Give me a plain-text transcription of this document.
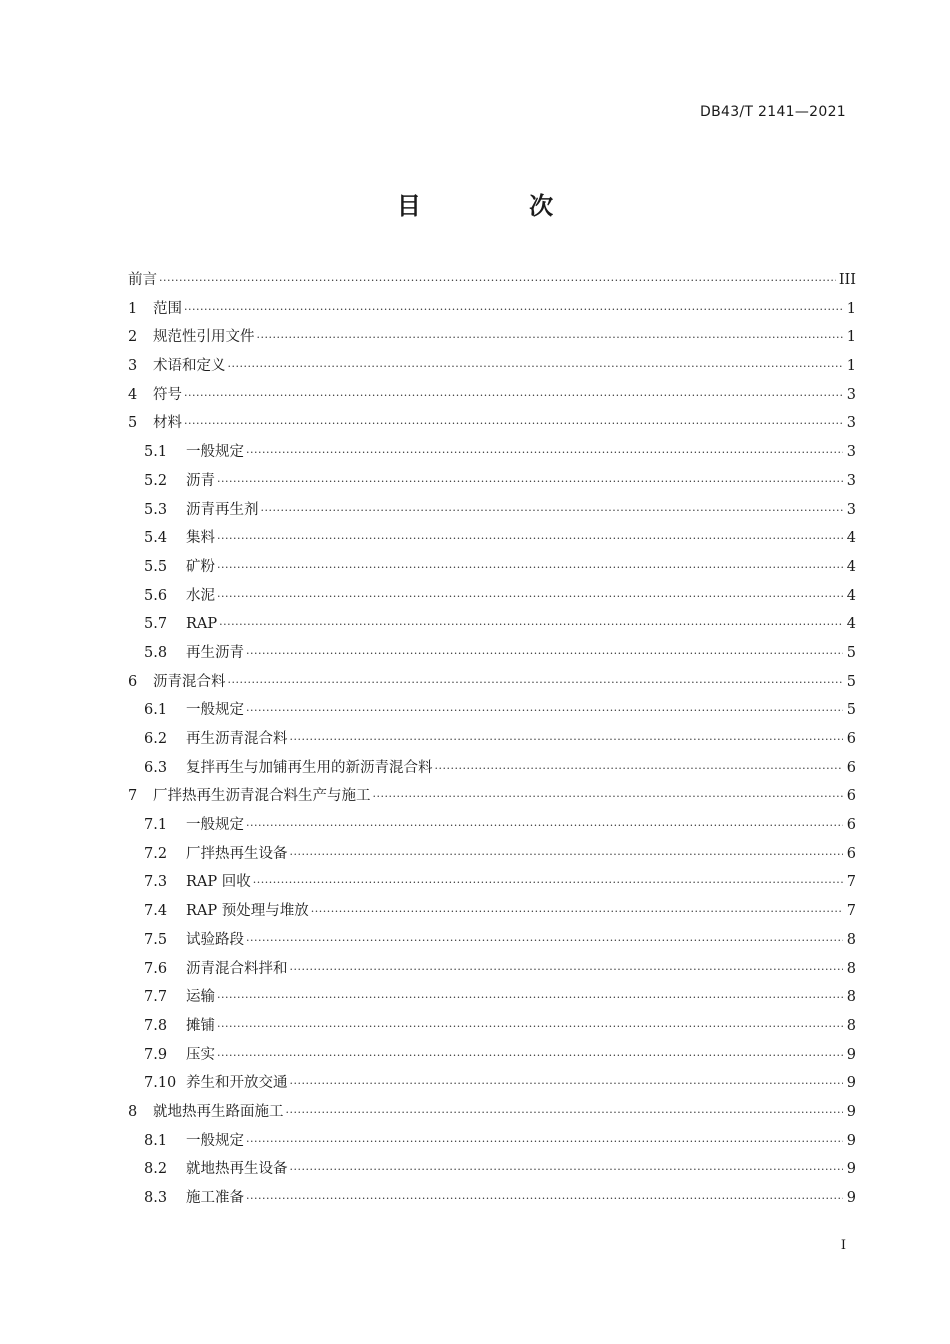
DB43/T 2141—2021
目 次
前言 ·····	III
1	范围 ·····	1
2	规范性引用文件 ·····	1
3	术语和定义 ·····	1
4	符号 ·····	3
5	材料 ·····	3
5.1	一般规定 ·····	3
5.2	沥青 ·····	3
5.3	沥青再生剂 ·····	3
5.4	集料 ·····	4
5.5	矿粉 ·····	4
5.6	水泥 ·····	4
5.7	RAP ·····	4
5.8	再生沥青 ·····	5
6	沥青混合料 ·····	5
6.1	一般规定 ·····	5
6.2	再生沥青混合料 ·····	6
6.3	复拌再生与加铺再生用的新沥青混合料 ·····	6
7	厂拌热再生沥青混合料生产与施工 ·····	6
7.1	一般规定 ·····	6
7.2	厂拌热再生设备 ·····	6
7.3	RAP 回收 ·····	7
7.4	RAP 预处理与堆放 ·····	7
7.5	试验路段 ·····	8
7.6	沥青混合料拌和 ·····	8
7.7	运输 ·····	8
7.8	摊铺 ·····	8
7.9	压实 ·····	9
7.10 养生和开放交通 ·····	9
8	就地热再生路面施工 ·····	9
8.1	一般规定 ·····	9
8.2	就地热再生设备 ·····	9
8.3	施工准备 ·····	9
I
